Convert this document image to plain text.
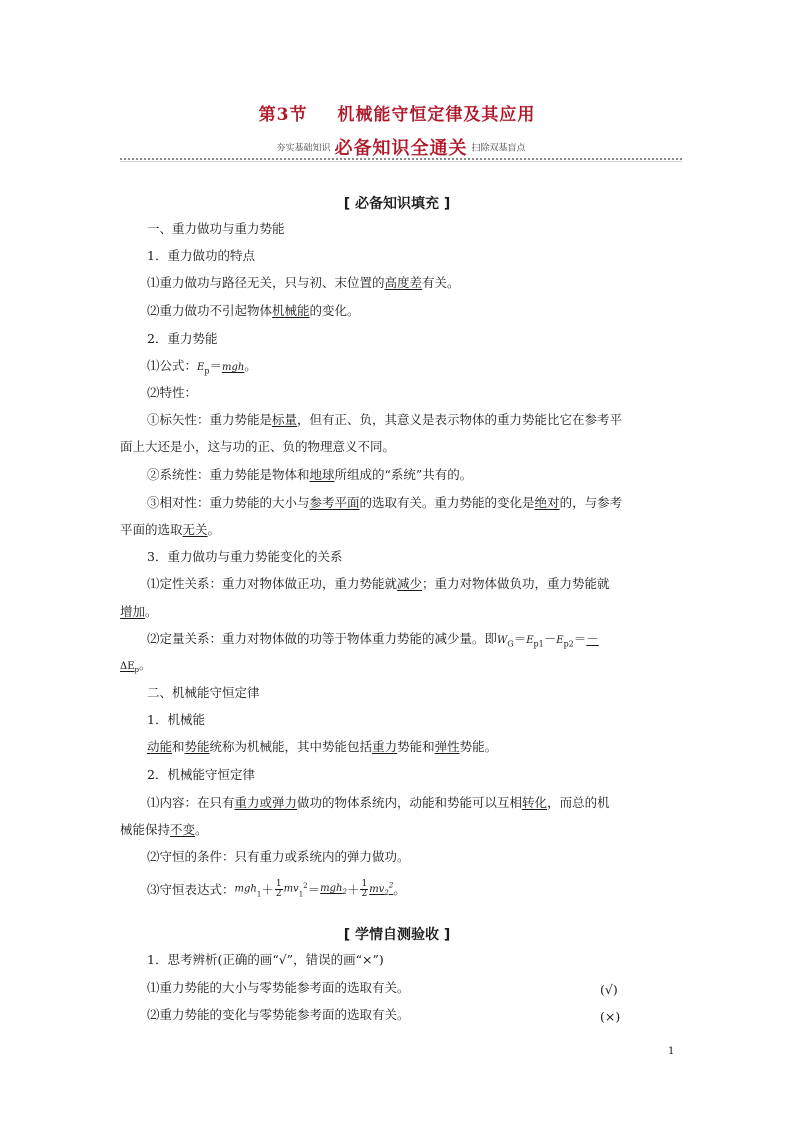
第3节 机械能守恒定律及其应用
夯实基础知识 必备知识全通关 扫除双基盲点
[ 必备知识填充 ]
一、重力做功与重力势能
1．重力做功的特点
⑴重力做功与路径无关，只与初、末位置的高度差有关。
⑵重力做功不引起物体机械能的变化。
2．重力势能
⑴公式：$E_p=mgh$。
⑵特性：
①标矢性：重力势能是标量，但有正、负，其意义是表示物体的重力势能比它在参考平
面上大还是小，这与功的正、负的物理意义不同。
②系统性：重力势能是物体和地球所组成的“系统”共有的。
③相对性：重力势能的大小与参考平面的选取有关。重力势能的变化是绝对的，与参考
平面的选取无关。
3．重力做功与重力势能变化的关系
⑴定性关系：重力对物体做正功，重力势能就减少；重力对物体做负功，重力势能就
增加。
⑵定量关系：重力对物体做的功等于物体重力势能的减少量。即$W_G=E_{p1}-E_{p2}=-$
$\Delta E_p$。
二、机械能守恒定律
1．机械能
动能和势能统称为机械能，其中势能包括重力势能和弹性势能。
2．机械能守恒定律
⑴内容：在只有重力或弹力做功的物体系统内，动能和势能可以互相转化，而总的机
械能保持不变。
⑵守恒的条件：只有重力或系统内的弹力做功。
⑶守恒表达式：$mgh_1+ \frac{1}{2} mv_1^2=mgh_2+ \frac{1}{2} mv_2^2$。
[ 学情自测验收 ]
1．思考辨析(正确的画“√”，错误的画“×”)
⑴重力势能的大小与零势能参考面的选取有关。	(√)
⑵重力势能的变化与零势能参考面的选取有关。	(×)
1
